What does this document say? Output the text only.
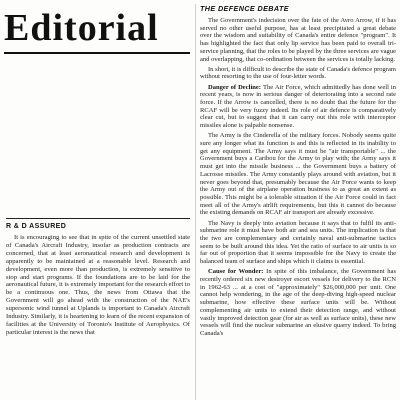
Editorial
R & D ASSURED

It is encouraging to see that in spite of the current unsettled state of Canada's Aircraft Industry, insofar as production contracts are concerned, that at least aeronautical research and development is apparently to be maintained at a reasonable level. Research and development, even more than production, is extremely sensitive to stop and start programs. If the foundations are to be laid for the aeronautical future, it is extremely important for the research effort to be a continuous one. Thus, the news from Ottawa that the Government will go ahead with the construction of the NAE's supersonic wind tunnel at Uplands is important to Canada's Aircraft Industry. Similarly, it is heartening to learn of the recent expansion of facilities at the University of Toronto's Institute of Aerophysics. Of particular interest is the news that

THE DEFENCE DEBATE

The Government's indecision over the fate of the Avro Arrow, if it has served no other useful purpose, has at least precipitated a great debate over the wisdom and suitability of Canada's entire defence "program". It has highlighted the fact that only lip service has been paid to overall tri-service planning, that the roles to be played by the three services are vague and overlapping, that co-ordination between the services is totally lacking.

In short, it is difficult to describe the state of Canada's defence program without resorting to the use of four-letter words.

Danger of Decline: The Air Force, which admittedly has done well in recent years, is now in serious danger of deteriorating into a second rate force. If the Arrow is cancelled, there is no doubt that the future for the RCAF will be very fuzzy indeed. Its role of air defence is comparatively clear cut, but to suggest that it can carry out this role with interceptor missiles alone is palpable nonsense.

The Army is the Cinderella of the military forces. Nobody seems quite sure any longer what its function is and this is reflected in its inability to get any equipment. The Army says it must be "air transportable" ... the Government buys a Caribou for the Army to play with; the Army says it must get into the missile business ... the Government buys a battery of Lacrosse missiles. The Army constantly plays around with aviation, but it never goes beyond that, presumably because the Air Force wants to keep the Army out of the airplane operation business to as great an extent as possible. This might be a tolerable situation if the Air Force could in fact meet all of the Army's airlift requirements, but this it cannot do because the existing demands on RCAF air transport are already excessive.

The Navy is deeply into aviation because it says that to fulfil its anti-submarine role it must have both air and sea units. The implication is that the two are complementary and certainly naval anti-submarine tactics seem to be built around this idea. Yet the ratio of surface to air units is so far out of proportion that it seems impossible for the Navy to create the balanced team of surface and ships which it claims is essential.

Cause for Wonder: In spite of this imbalance, the Government has recently ordered six new destroyer escort vessels for delivery to the RCN in 1962-63 ... at a cost of "approximately" $26,000,000 per unit. One cannot help wondering, in the age of the deep-diving high-speed nuclear submarine, how effective these surface units will be. Without complementing air units to extend their detection range, and without vastly improved detection gear (for air as well as surface units), these new vessels will find the nuclear submarine an elusive quarry indeed. To bring Canada's
